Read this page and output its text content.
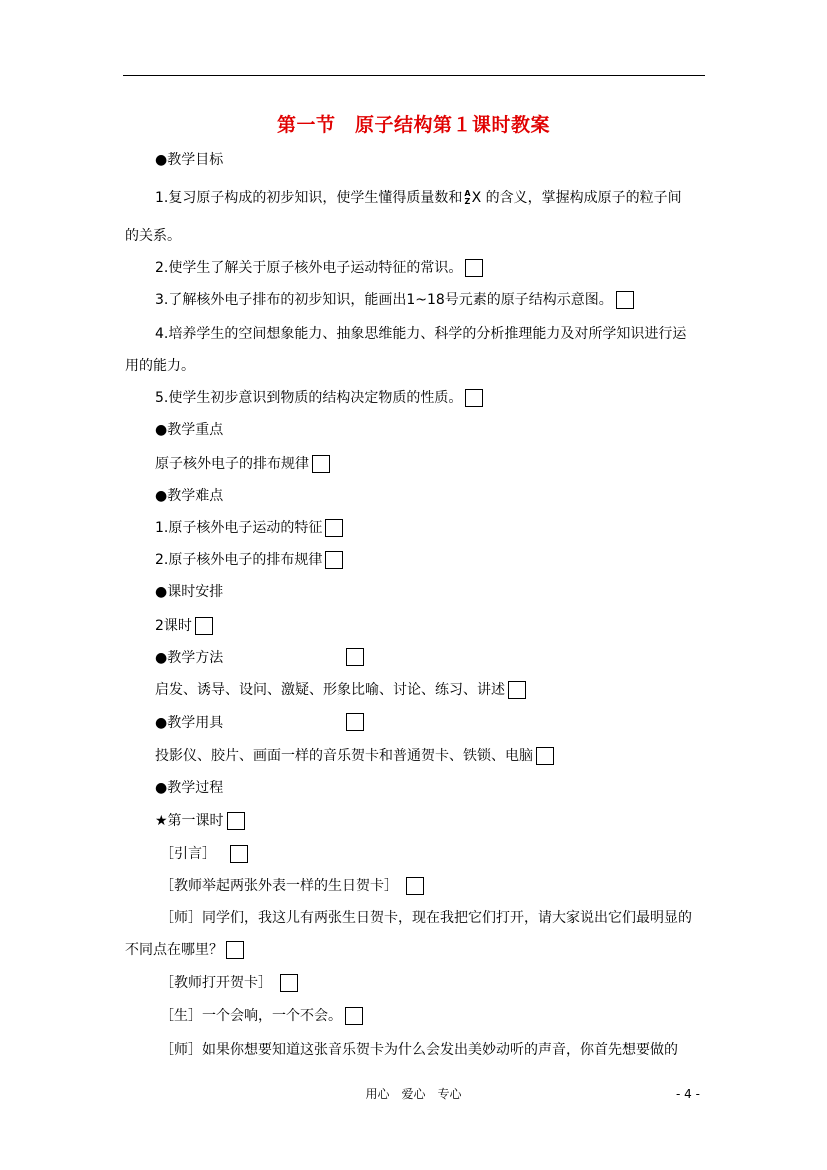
第一节　原子结构第１课时教案
●教学目标
1.复习原子构成的初步知识，使学生懂得质量数和 A
Z X 的含义，掌握构成原子的粒子间
的关系。
2.使学生了解关于原子核外电子运动特征的常识。
3.了解核外电子排布的初步知识，能画出1~18号元素的原子结构示意图。
4.培养学生的空间想象能力、抽象思维能力、科学的分析推理能力及对所学知识进行运
用的能力。
5.使学生初步意识到物质的结构决定物质的性质。
●教学重点
原子核外电子的排布规律
●教学难点
1.原子核外电子运动的特征
2.原子核外电子的排布规律
●课时安排
2课时
●教学方法
启发、诱导、设问、激疑、形象比喻、讨论、练习、讲述
●教学用具
投影仪、胶片、画面一样的音乐贺卡和普通贺卡、铁锁、电脑
●教学过程
★第一课时
［引言］
［教师举起两张外表一样的生日贺卡］
［师］同学们，我这儿有两张生日贺卡，现在我把它们打开，请大家说出它们最明显的
不同点在哪里？
［教师打开贺卡］
［生］一个会响，一个不会。
［师］如果你想要知道这张音乐贺卡为什么会发出美妙动听的声音，你首先想要做的
用心　爱心　专心	- 4 -
